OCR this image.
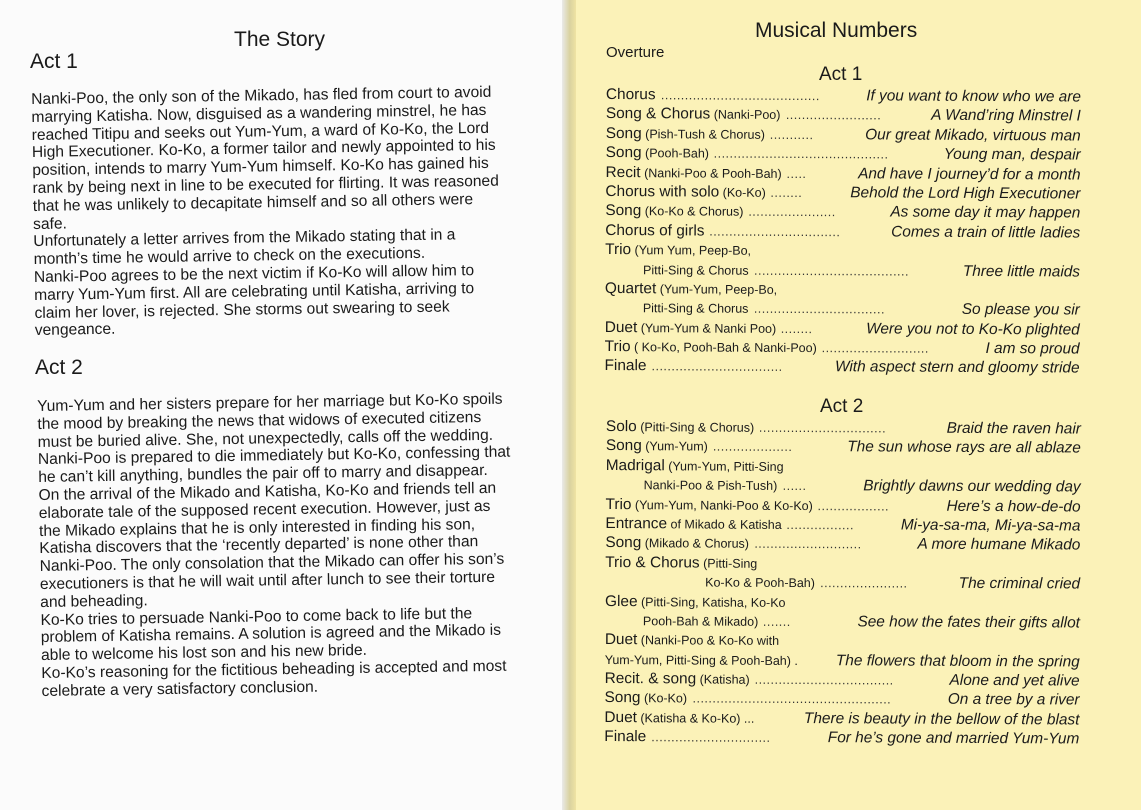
The Story
Act 1

Nanki-Poo, the only son of the Mikado, has fled from court to avoid
marrying Katisha. Now, disguised as a wandering minstrel, he has
reached Titipu and seeks out Yum-Yum, a ward of Ko-Ko, the Lord
High Executioner. Ko-Ko, a former tailor and newly appointed to his
position, intends to marry Yum-Yum himself. Ko-Ko has gained his
rank by being next in line to be executed for flirting. It was reasoned
that he was unlikely to decapitate himself and so all others were
safe.
Unfortunately a letter arrives from the Mikado stating that in a
month’s time he would arrive to check on the executions.
Nanki-Poo agrees to be the next victim if Ko-Ko will allow him to
marry Yum-Yum first. All are celebrating until Katisha, arriving to
claim her lover, is rejected. She storms out swearing to seek
vengeance.

Act 2

Yum-Yum and her sisters prepare for her marriage but Ko-Ko spoils
the mood by breaking the news that widows of executed citizens
must be buried alive. She, not unexpectedly, calls off the wedding.
Nanki-Poo is prepared to die immediately but Ko-Ko, confessing that
he can’t kill anything, bundles the pair off to marry and disappear.
On the arrival of the Mikado and Katisha, Ko-Ko and friends tell an
elaborate tale of the supposed recent execution. However, just as
the Mikado explains that he is only interested in finding his son,
Katisha discovers that the ‘recently departed’ is none other than
Nanki-Poo. The only consolation that the Mikado can offer his son’s
executioners is that he will wait until after lunch to see their torture
and beheading.
Ko-Ko tries to persuade Nanki-Poo to come back to life but the
problem of Katisha remains. A solution is agreed and the Mikado is
able to welcome his lost son and his new bride.
Ko-Ko’s reasoning for the fictitious beheading is accepted and most
celebrate a very satisfactory conclusion.

Musical Numbers
Overture
Act 1
Chorus	If you want to know who we are
........................................
Song & Chorus (Nanki-Poo)	A Wand’ring Minstrel I
........................
Song (Pish-Tush & Chorus)	Our great Mikado, virtuous man
...........
Song (Pooh-Bah)	Young man, despair
............................................
Recit (Nanki-Poo & Pooh-Bah)	And have I journey’d for a month
.....
Chorus with solo (Ko-Ko)	Behold the Lord High Executioner
........
Song (Ko-Ko & Chorus)	As some day it may happen
......................
Chorus of girls	Comes a train of little ladies
.................................
Trio (Yum Yum, Peep-Bo,
Pitti-Sing & Chorus	Three little maids
.......................................
Quartet (Yum-Yum, Peep-Bo,
Pitti-Sing & Chorus	So please you sir
.................................
Duet (Yum-Yum & Nanki Poo)	Were you not to Ko-Ko plighted
........
Trio ( Ko-Ko, Pooh-Bah & Nanki-Poo)	I am so proud
...........................
Finale	With aspect stern and gloomy stride
.................................
Act 2
Solo (Pitti-Sing & Chorus)	Braid the raven hair
................................
Song (Yum-Yum)	The sun whose rays are all ablaze
....................
Madrigal (Yum-Yum, Pitti-Sing
Nanki-Poo & Pish-Tush)	Brightly dawns our wedding day
......
Trio (Yum-Yum, Nanki-Poo & Ko-Ko)	Here’s a how-de-do
..................
Entrance of Mikado & Katisha	Mi-ya-sa-ma, Mi-ya-sa-ma
.................
Song (Mikado & Chorus)	A more humane Mikado
...........................
Trio & Chorus (Pitti-Sing
Ko-Ko & Pooh-Bah)	The criminal cried
......................
Glee (Pitti-Sing, Katisha, Ko-Ko
Pooh-Bah & Mikado)	See how the fates their gifts allot
.......
Duet (Nanki-Poo & Ko-Ko with
Yum-Yum, Pitti-Sing & Pooh-Bah) . The flowers that bloom in the spring
Recit. & song (Katisha)	Alone and yet alive
...................................
Song (Ko-Ko)	On a tree by a river
..................................................
Duet (Katisha & Ko-Ko) ...	There is beauty in the bellow of the blast
Finale	For he’s gone and married Yum-Yum
..............................
